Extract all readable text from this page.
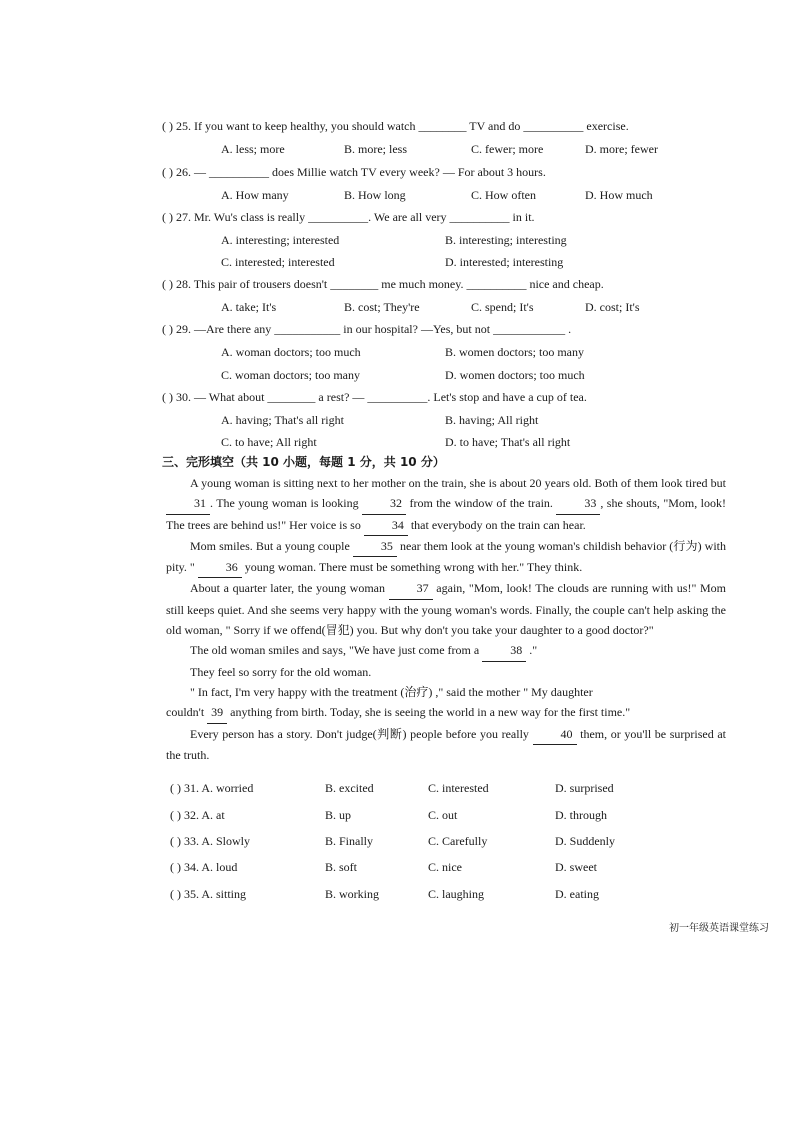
( ) 25. If you want to keep healthy, you should watch ________ TV and do __________ exercise.
A. less; more	B. more; less	C. fewer; more	D. more; fewer
( ) 26. — __________ does Millie watch TV every week? — For about 3 hours.
A. How many	B. How long	C. How often	D. How much
( ) 27. Mr. Wu's class is really __________. We are all very __________ in it.
A. interesting; interested	B. interesting; interesting
C. interested; interested	D. interested; interesting
( ) 28. This pair of trousers doesn't ________ me much money. __________ nice and cheap.
A. take; It's	B. cost; They're	C. spend; It's	D. cost; It's
( ) 29. —Are there any ___________ in our hospital? —Yes, but not ____________ .
A. woman doctors; too much	B. women doctors; too many
C. woman doctors; too many	D. women doctors; too much
( ) 30. — What about ________ a rest? — __________. Let's stop and have a cup of tea.
A. having; That's all right	B. having; All right
C. to have; All right	D. to have; That's all right
三、完形填空（共 10 小题，每题 1 分，共 10 分）

A young woman is sitting next to her mother on the train, she is about 20 years old. Both of them look tired but 31 . The young woman is looking 32 from the window of the train. 33 , she shouts, "Mom, look! The trees are behind us!" Her voice is so 34 that everybody on the train can hear.

Mom smiles. But a young couple 35 near them look at the young woman's childish behavior (行为) with pity. " 36 young woman. There must be something wrong with her." They think.

About a quarter later, the young woman 37 again, "Mom, look! The clouds are running with us!" Mom still keeps quiet. And she seems very happy with the young woman's words. Finally, the couple can't help asking the old woman, " Sorry if we offend(冒犯) you. But why don't you take your daughter to a good doctor?"

The old woman smiles and says, "We have just come from a 38 ."

They feel so sorry for the old woman.

" In fact, I'm very happy with the treatment (治疗) ," said the mother " My daughter

couldn't 39 anything from birth. Today, she is seeing the world in a new way for the first time."

Every person has a story. Don't judge(判断) people before you really 40 them, or you'll be surprised at the truth.

( ) 31. A. worried	B. excited	C. interested	D. surprised
( ) 32. A. at	B. up	C. out	D. through
( ) 33. A. Slowly	B. Finally	C. Carefully	D. Suddenly
( ) 34. A. loud	B. soft	C. nice	D. sweet
( ) 35. A. sitting	B. working	C. laughing	D. eating
初一年级英语课堂练习
